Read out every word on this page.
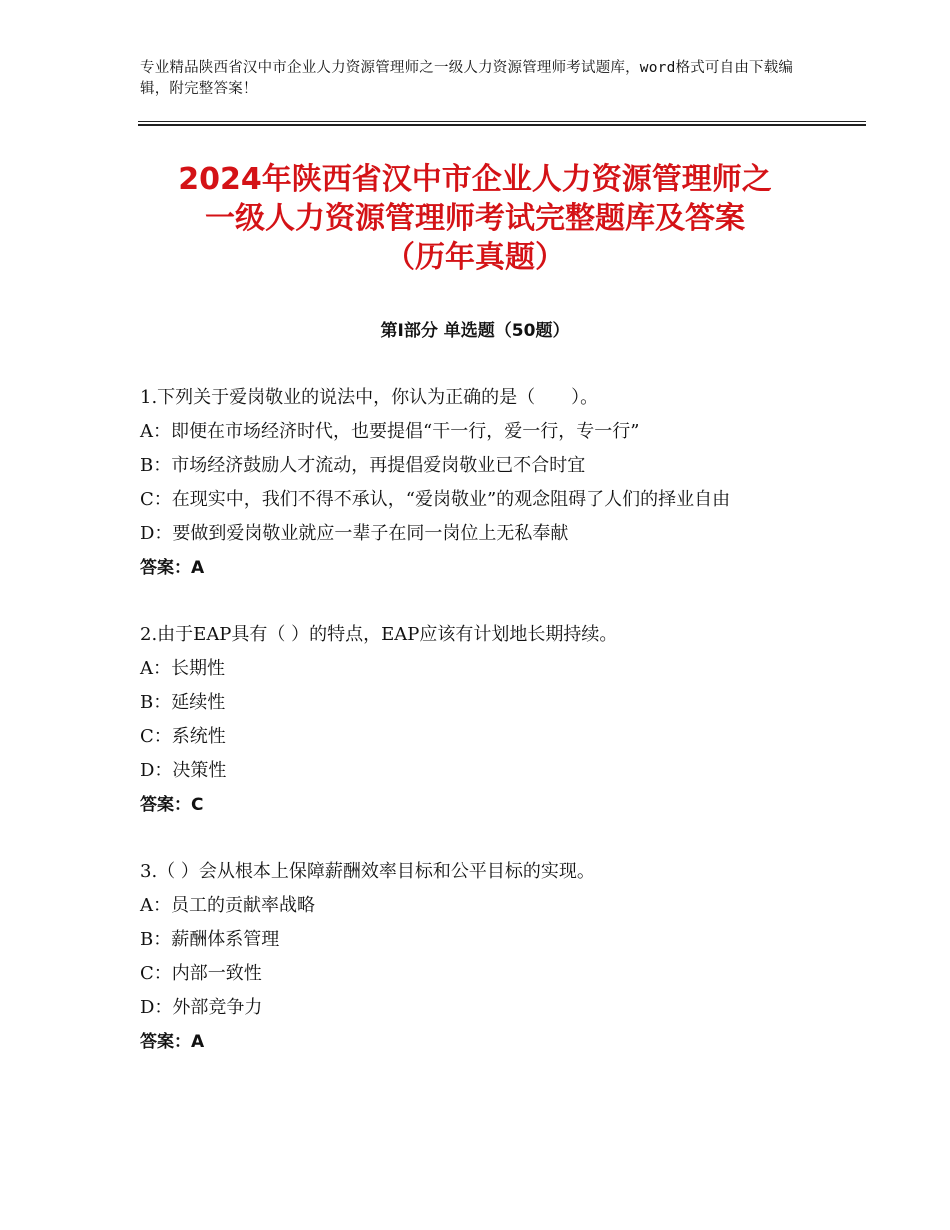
专业精品陕西省汉中市企业人力资源管理师之一级人力资源管理师考试题库，word格式可自由下载编辑，附完整答案！
2024年陕西省汉中市企业人力资源管理师之
一级人力资源管理师考试完整题库及答案
（历年真题）
第Ⅰ部分 单选题（50题）
1.下列关于爱岗敬业的说法中，你认为正确的是（　　）。
A：即便在市场经济时代，也要提倡“干一行，爱一行，专一行”
B：市场经济鼓励人才流动，再提倡爱岗敬业已不合时宜
C：在现实中，我们不得不承认，“爱岗敬业”的观念阻碍了人们的择业自由
D：要做到爱岗敬业就应一辈子在同一岗位上无私奉献
答案：A
2.由于EAP具有（ ）的特点，EAP应该有计划地长期持续。
A：长期性
B：延续性
C：系统性
D：决策性
答案：C
3.（ ）会从根本上保障薪酬效率目标和公平目标的实现。
A：员工的贡献率战略
B：薪酬体系管理
C：内部一致性
D：外部竞争力
答案：A
